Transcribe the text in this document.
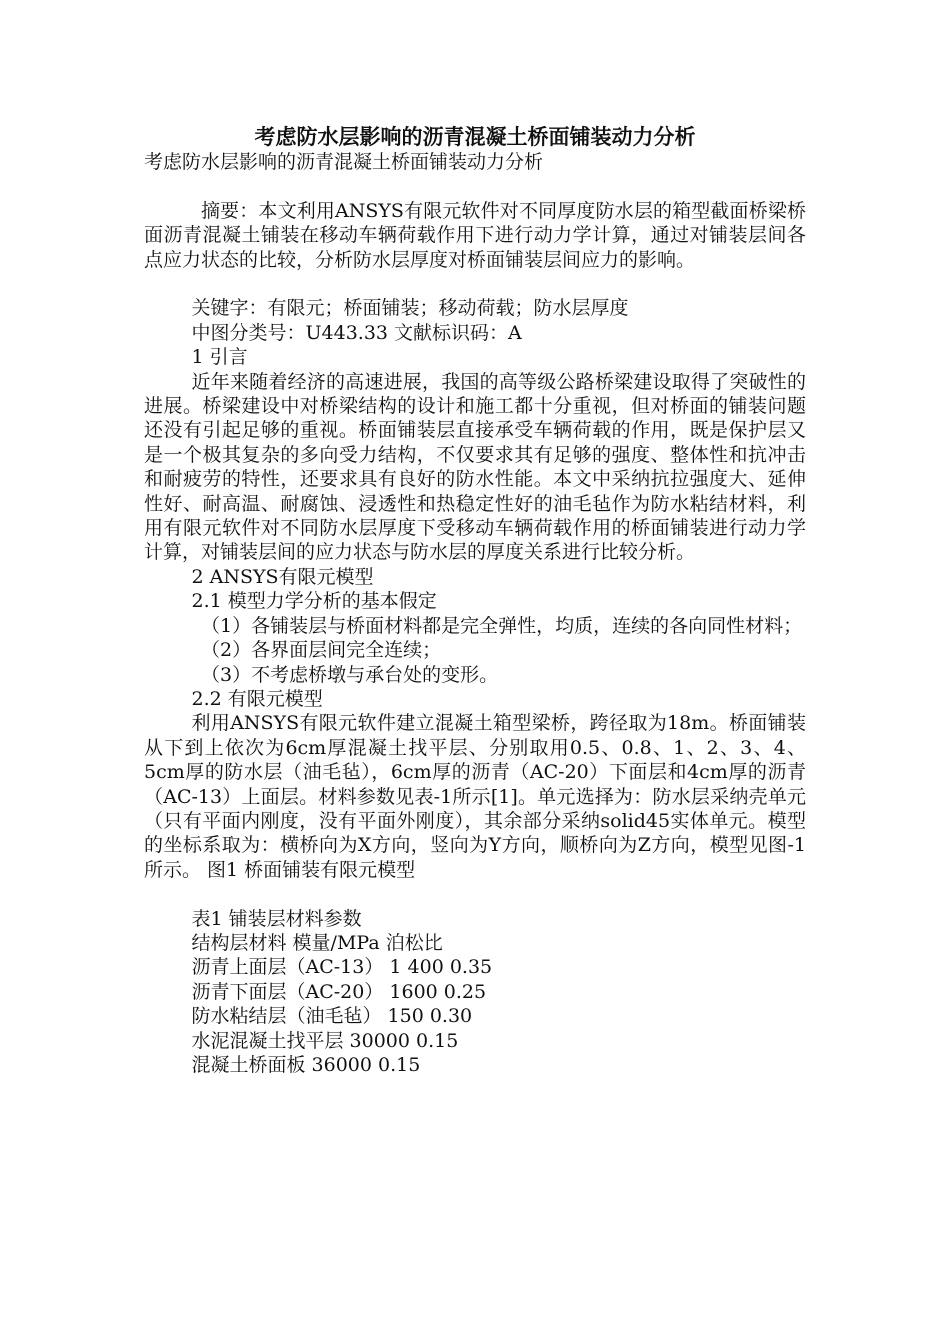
考虑防水层影响的沥青混凝土桥面铺装动力分析

考虑防水层影响的沥青混凝土桥面铺装动力分析

摘要：本文利用ANSYS有限元软件对不同厚度防水层的箱型截面桥梁桥面沥青混凝土铺装在移动车辆荷载作用下进行动力学计算，通过对铺装层间各点应力状态的比较，分析防水层厚度对桥面铺装层间应力的影响。

关键字：有限元；桥面铺装；移动荷载；防水层厚度

中图分类号：U443.33 文献标识码：A

1 引言

近年来随着经济的高速进展，我国的高等级公路桥梁建设取得了突破性的进展。桥梁建设中对桥梁结构的设计和施工都十分重视，但对桥面的铺装问题还没有引起足够的重视。桥面铺装层直接承受车辆荷载的作用，既是保护层又是一个极其复杂的多向受力结构，不仅要求其有足够的强度、整体性和抗冲击和耐疲劳的特性，还要求具有良好的防水性能。本文中采纳抗拉强度大、延伸性好、耐高温、耐腐蚀、浸透性和热稳定性好的油毛毡作为防水粘结材料，利用有限元软件对不同防水层厚度下受移动车辆荷载作用的桥面铺装进行动力学计算，对铺装层间的应力状态与防水层的厚度关系进行比较分析。

2 ANSYS有限元模型

2.1 模型力学分析的基本假定

（1）各铺装层与桥面材料都是完全弹性，均质，连续的各向同性材料；

（2）各界面层间完全连续；

（3）不考虑桥墩与承台处的变形。

2.2 有限元模型

利用ANSYS有限元软件建立混凝土箱型梁桥，跨径取为18m。桥面铺装从下到上依次为6cm厚混凝土找平层、分别取用0.5、0.8、1、2、3、4、5cm厚的防水层（油毛毡），6cm厚的沥青（AC-20）下面层和4cm厚的沥青（AC-13）上面层。材料参数见表-1所示[1]。单元选择为：防水层采纳壳单元（只有平面内刚度，没有平面外刚度），其余部分采纳solid45实体单元。模型的坐标系取为：横桥向为X方向，竖向为Y方向，顺桥向为Z方向，模型见图-1所示。 图1 桥面铺装有限元模型

表1 铺装层材料参数

结构层材料 模量/MPa 泊松比

沥青上面层（AC-13） 1 400 0.35

沥青下面层（AC-20） 1600 0.25

防水粘结层（油毛毡） 150 0.30

水泥混凝土找平层 30000 0.15

混凝土桥面板 36000 0.15
